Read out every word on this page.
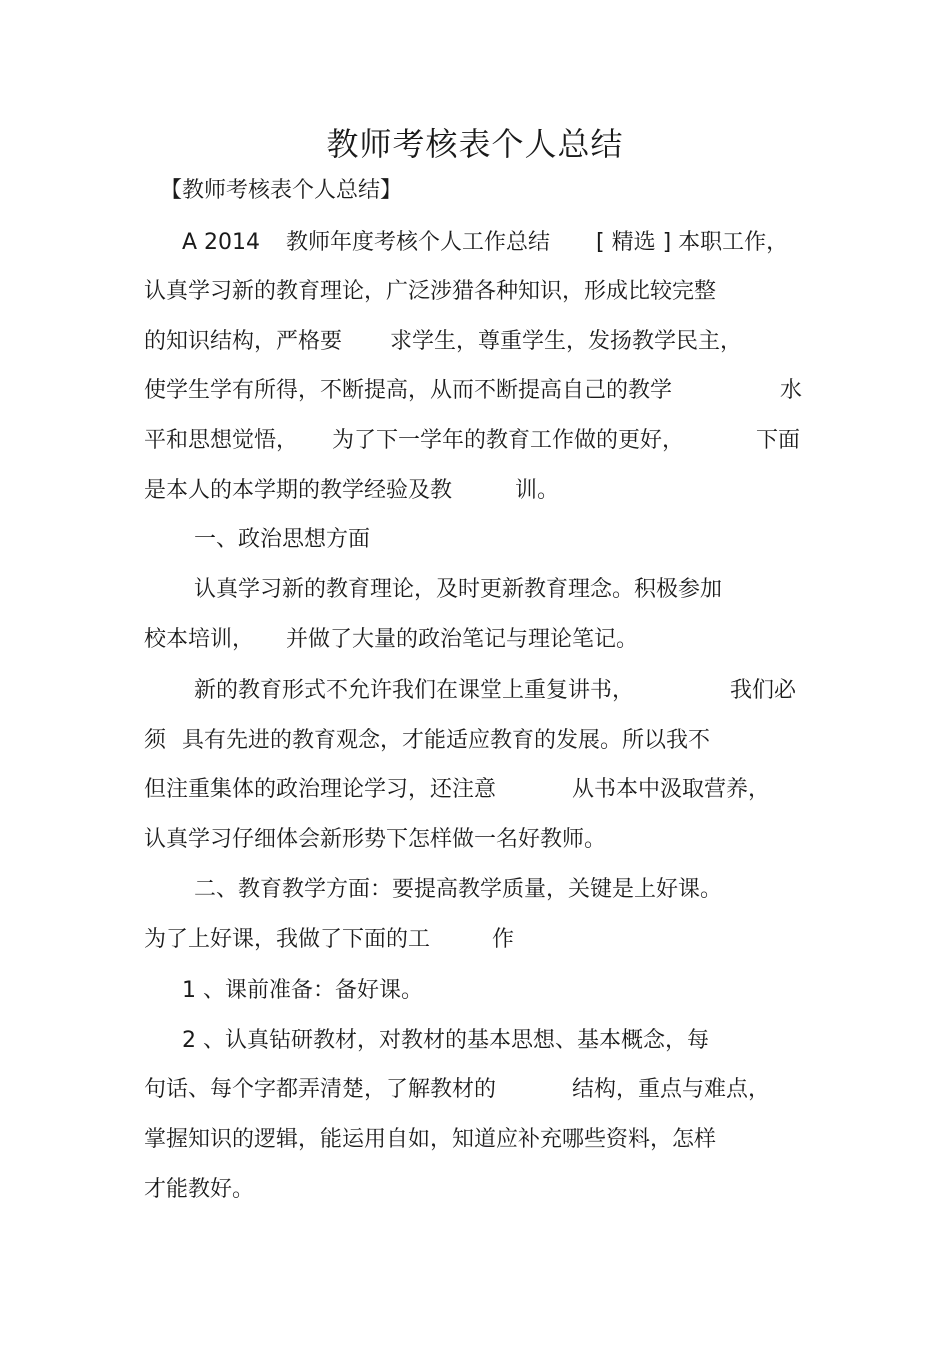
教师考核表个人总结
【教师考核表个人总结】
A 2014 教师年度考核个人工作总结 [ 精选 ] 本职工作，
认真学习新的教育理论，广泛涉猎各种知识，形成比较完整
的知识结构，严格要 求学生，尊重学生，发扬教学民主，
使学生学有所得，不断提高，从而不断提高自己的教学	水
平和思想觉悟， 为了下一学年的教育工作做的更好，	下面
是本人的本学期的教学经验及教	训。
一、政治思想方面
认真学习新的教育理论，及时更新教育理念。积极参加
校本培训， 并做了大量的政治笔记与理论笔记。
新的教育形式不允许我们在课堂上重复讲书，	我们必
须 具有先进的教育观念，才能适应教育的发展。所以我不
但注重集体的政治理论学习，还注意	从书本中汲取营养，
认真学习仔细体会新形势下怎样做一名好教师。
二、教育教学方面：要提高教学质量，关键是上好课。
为了上好课，我做了下面的工	作
1 、课前准备：备好课。
2 、认真钻研教材，对教材的基本思想、基本概念，每
句话、每个字都弄清楚，了解教材的	结构，重点与难点，
掌握知识的逻辑，能运用自如，知道应补充哪些资料，怎样
才能教好。
